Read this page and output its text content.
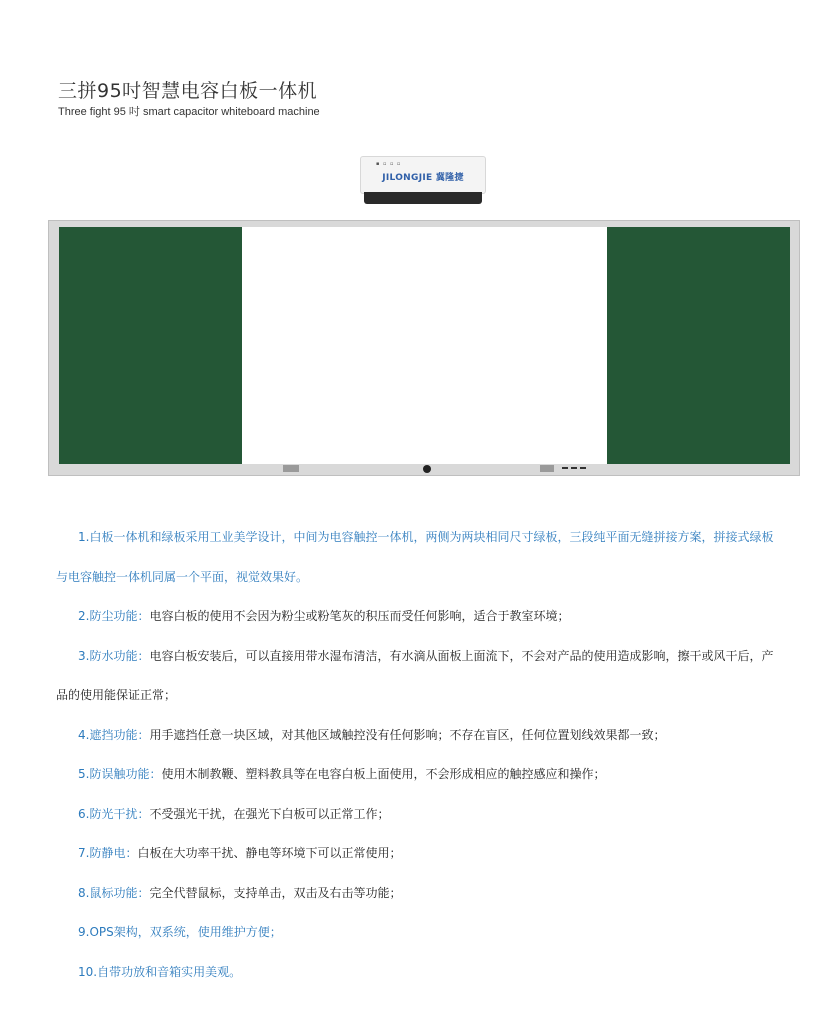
三拼95吋智慧电容白板一体机
Three fight 95 吋 smart capacitor whiteboard machine
▪ ▫ ▫ ▫
JILONGJIE 冀隆捷
1.白板一体机和绿板采用工业美学设计，中间为电容触控一体机，两侧为两块相同尺寸绿板，三段纯平面无缝拼接方案，拼接式绿板
与电容触控一体机同属一个平面，视觉效果好。
2.防尘功能：电容白板的使用不会因为粉尘或粉笔灰的积压而受任何影响，适合于教室环境；
3.防水功能：电容白板安装后，可以直接用带水湿布清洁，有水滴从面板上面流下，不会对产品的使用造成影响，擦干或风干后，产
品的使用能保证正常；
4.遮挡功能：用手遮挡任意一块区域，对其他区域触控没有任何影响；不存在盲区，任何位置划线效果都一致；
5.防误触功能：使用木制教鞭、塑料教具等在电容白板上面使用，不会形成相应的触控感应和操作；
6.防光干扰：不受强光干扰，在强光下白板可以正常工作；
7.防静电：白板在大功率干扰、静电等环境下可以正常使用；
8.鼠标功能：完全代替鼠标，支持单击，双击及右击等功能；
9.OPS架构，双系统，使用维护方便；
10.自带功放和音箱实用美观。
